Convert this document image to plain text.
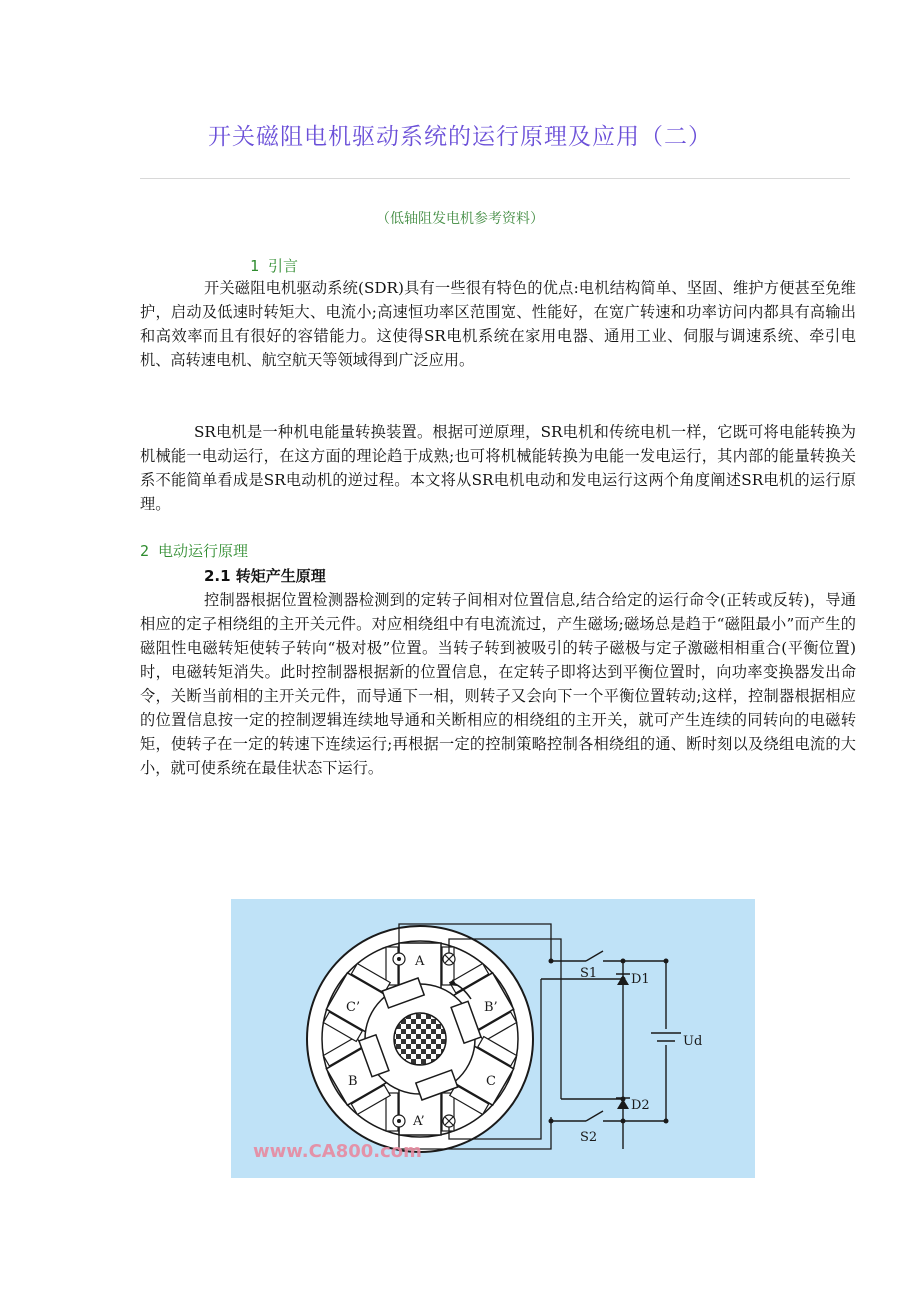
开关磁阻电机驱动系统的运行原理及应用（二）
（低轴阻发电机参考资料）
1 引言

开关磁阻电机驱动系统(SDR)具有一些很有特色的优点:电机结构简单、坚固、维护方便甚至免维护，启动及低速时转矩大、电流小;高速恒功率区范围宽、性能好，在宽广转速和功率访问内都具有高输出和高效率而且有很好的容错能力。这使得SR电机系统在家用电器、通用工业、伺服与调速系统、牵引电机、高转速电机、航空航天等领域得到广泛应用。

SR电机是一种机电能量转换装置。根据可逆原理，SR电机和传统电机一样，它既可将电能转换为机械能一电动运行，在这方面的理论趋于成熟;也可将机械能转换为电能一发电运行，其内部的能量转换关系不能简单看成是SR电动机的逆过程。本文将从SR电机电动和发电运行这两个角度阐述SR电机的运行原理。

2 电动运行原理
2.1 转矩产生原理

控制器根据位置检测器检测到的定转子间相对位置信息,结合给定的运行命令(正转或反转)，导通相应的定子相绕组的主开关元件。对应相绕组中有电流流过，产生磁场;磁场总是趋于“磁阻最小”而产生的磁阻性电磁转矩使转子转向“极对极”位置。当转子转到被吸引的转子磁极与定子激磁相相重合(平衡位置)时，电磁转矩消失。此时控制器根据新的位置信息，在定转子即将达到平衡位置时，向功率变换器发出命令，关断当前相的主开关元件，而导通下一相，则转子又会向下一个平衡位置转动;这样，控制器根据相应的位置信息按一定的控制逻辑连续地导通和关断相应的相绕组的主开关，就可产生连续的同转向的电磁转矩，使转子在一定的转速下连续运行;再根据一定的控制策略控制各相绕组的通、断时刻以及绕组电流的大小，就可使系统在最佳状态下运行。

A
A’
B’
C’
B	C
S1	D1
Ud
D2
S2
www.CA800.com
